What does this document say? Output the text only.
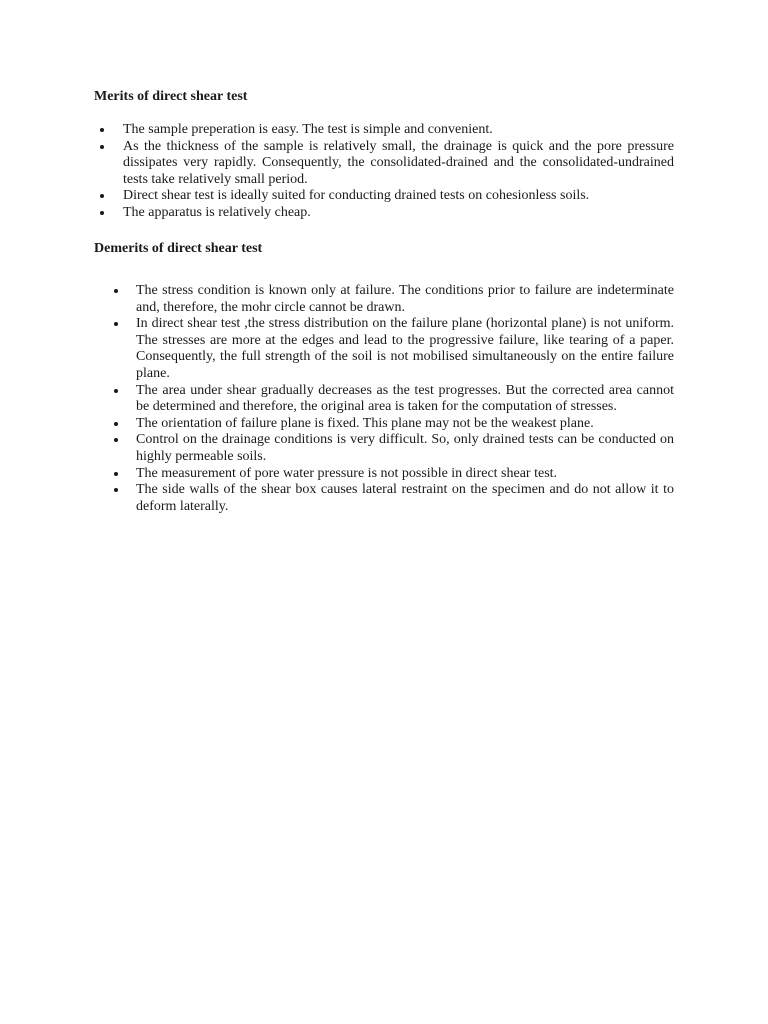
Merits of direct shear test
The sample preperation is easy. The test is simple and convenient.
As the thickness of the sample is relatively small, the drainage is quick and the pore pressure dissipates very rapidly. Consequently, the consolidated-drained and the consolidated-undrained tests take relatively small period.
Direct shear test is ideally suited for conducting drained tests on cohesionless soils.
The apparatus is relatively cheap.
Demerits of direct shear test
The stress condition is known only at failure. The conditions prior to failure are indeterminate and, therefore, the mohr circle cannot be drawn.
In direct shear test ,the stress distribution on the failure plane (horizontal plane) is not uniform. The stresses are more at the edges and lead to the progressive failure, like tearing of a paper. Consequently, the full strength of the soil is not mobilised simultaneously on the entire failure plane.
The area under shear gradually decreases as the test progresses. But the corrected area cannot be determined and therefore, the original area is taken for the computation of stresses.
The orientation of failure plane is fixed. This plane may not be the weakest plane.
Control on the drainage conditions is very difficult. So, only drained tests can be conducted on highly permeable soils.
The measurement of pore water pressure is not possible in direct shear test.
The side walls of the shear box causes lateral restraint on the specimen and do not allow it to deform laterally.
